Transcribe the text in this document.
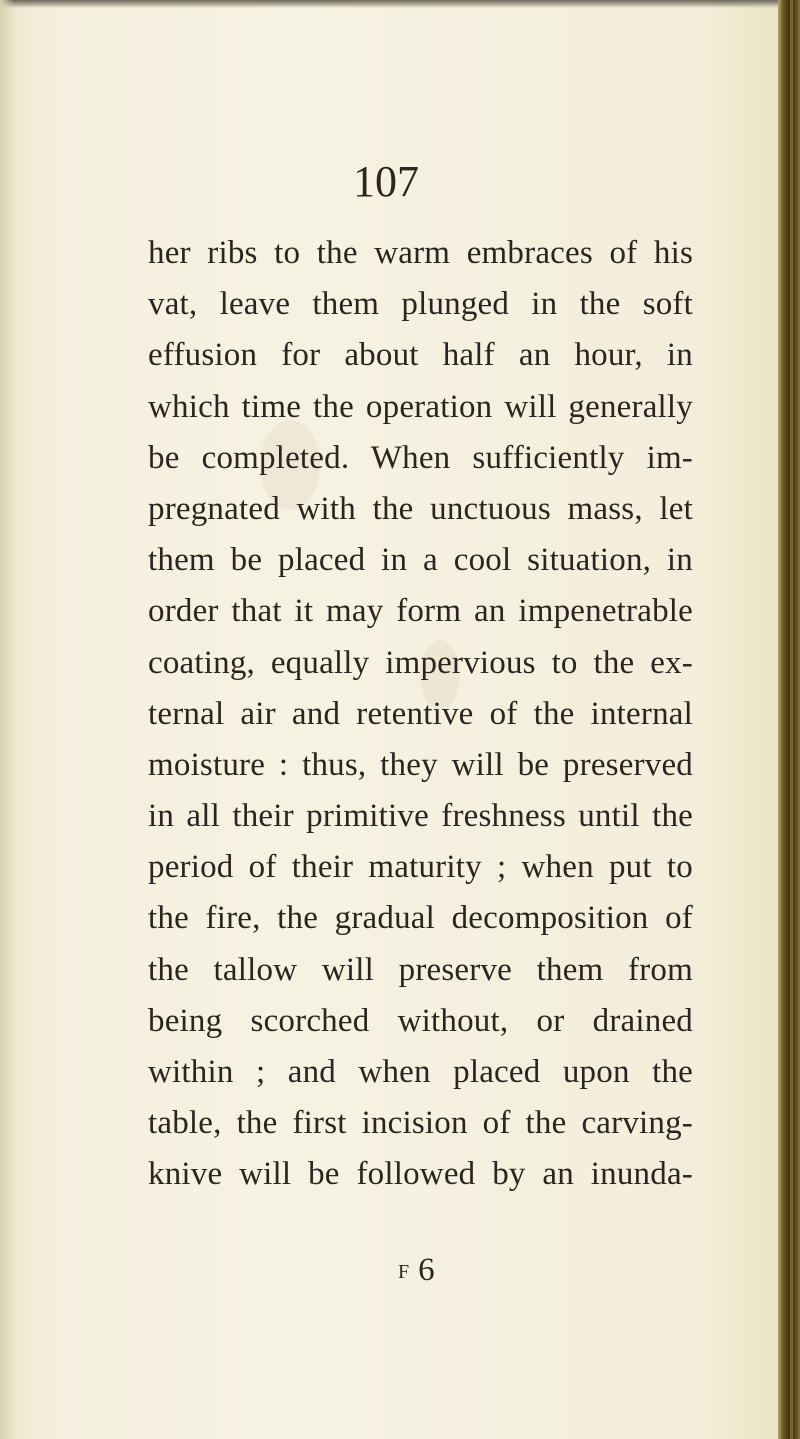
107
her ribs to the warm embraces of his
vat, leave them plunged in the soft
effusion for about half an hour, in
which time the operation will generally
be completed. When sufficiently im-
pregnated with the unctuous mass, let
them be placed in a cool situation, in
order that it may form an impenetrable
coating, equally impervious to the ex-
ternal air and retentive of the internal
moisture : thus, they will be preserved
in all their primitive freshness until the
period of their maturity ; when put to
the fire, the gradual decomposition of
the tallow will preserve them from
being scorched without, or drained
within ; and when placed upon the
table, the first incision of the carving-
knive will be followed by an inunda-
F 6
